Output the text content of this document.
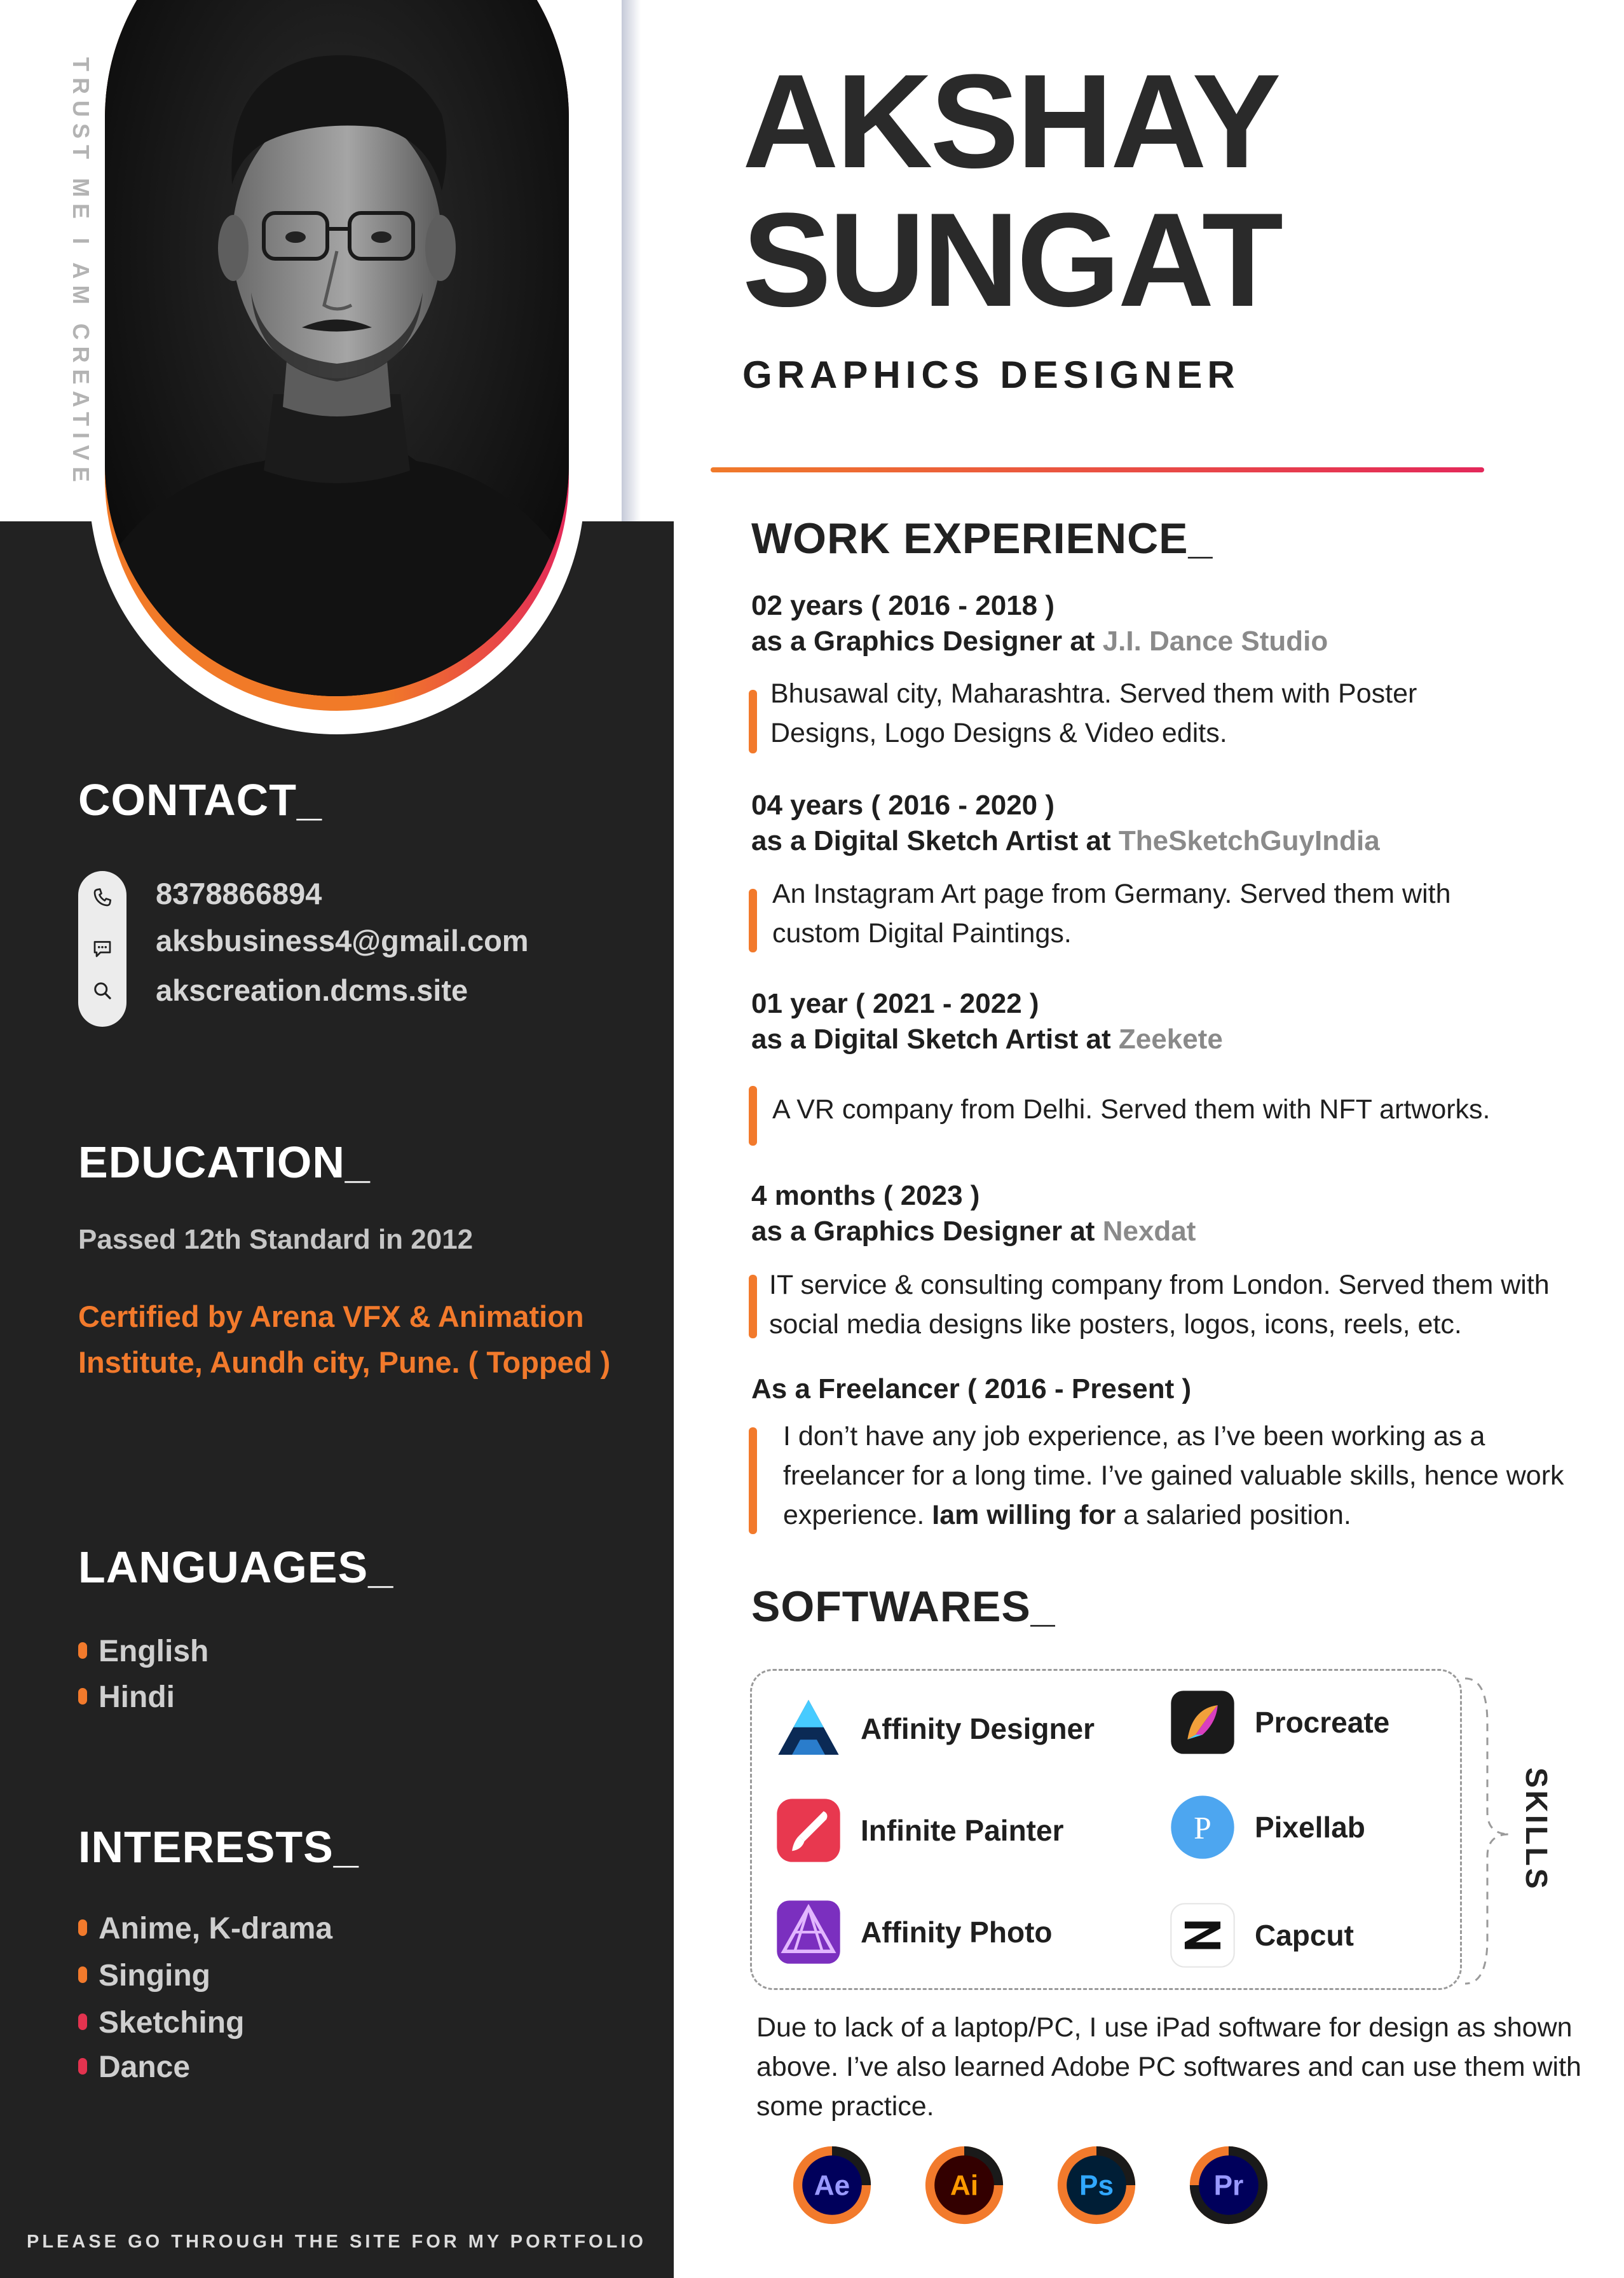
TRUST ME I AM CREATIVE
CONTACT_
8378866894
aksbusiness4@gmail.com
akscreation.dcms.site
EDUCATION_
Passed 12th Standard in 2012
Certified by Arena VFX & Animation Institute, Aundh city, Pune. ( Topped )
LANGUAGES_
English
Hindi
INTERESTS_
Anime, K-drama
Singing
Sketching
Dance
PLEASE GO THROUGH THE SITE FOR MY PORTFOLIO
AKSHAY
SUNGAT
GRAPHICS DESIGNER
WORK EXPERIENCE_
02 years ( 2016 - 2018 )
as a Graphics Designer at J.I. Dance Studio
Bhusawal city, Maharashtra. Served them with Poster Designs, Logo Designs & Video edits.
04 years ( 2016 - 2020 )
as a Digital Sketch Artist at TheSketchGuyIndia
An Instagram Art page from Germany. Served them with custom Digital Paintings.
01 year ( 2021 - 2022 )
as a Digital Sketch Artist at Zeekete
A VR company from Delhi. Served them with NFT artworks.
4 months ( 2023 )
as a Graphics Designer at Nexdat
IT service & consulting company from London. Served them with social media designs like posters, logos, icons, reels, etc.
As a Freelancer ( 2016 - Present )
I don’t have any job experience, as I’ve been working as a freelancer for a long time. I’ve gained valuable skills, hence work experience. Iam willing for a salaried position.
SOFTWARES_
SKILLS
Affinity Designer	Procreate
Infinite Painter	P Pixellab
Affinity Photo	Capcut
Due to lack of a laptop/PC, I use iPad software for design as shown above. I’ve also learned Adobe PC softwares and can use them with some practice.
Ae	Ai	Ps	Pr
